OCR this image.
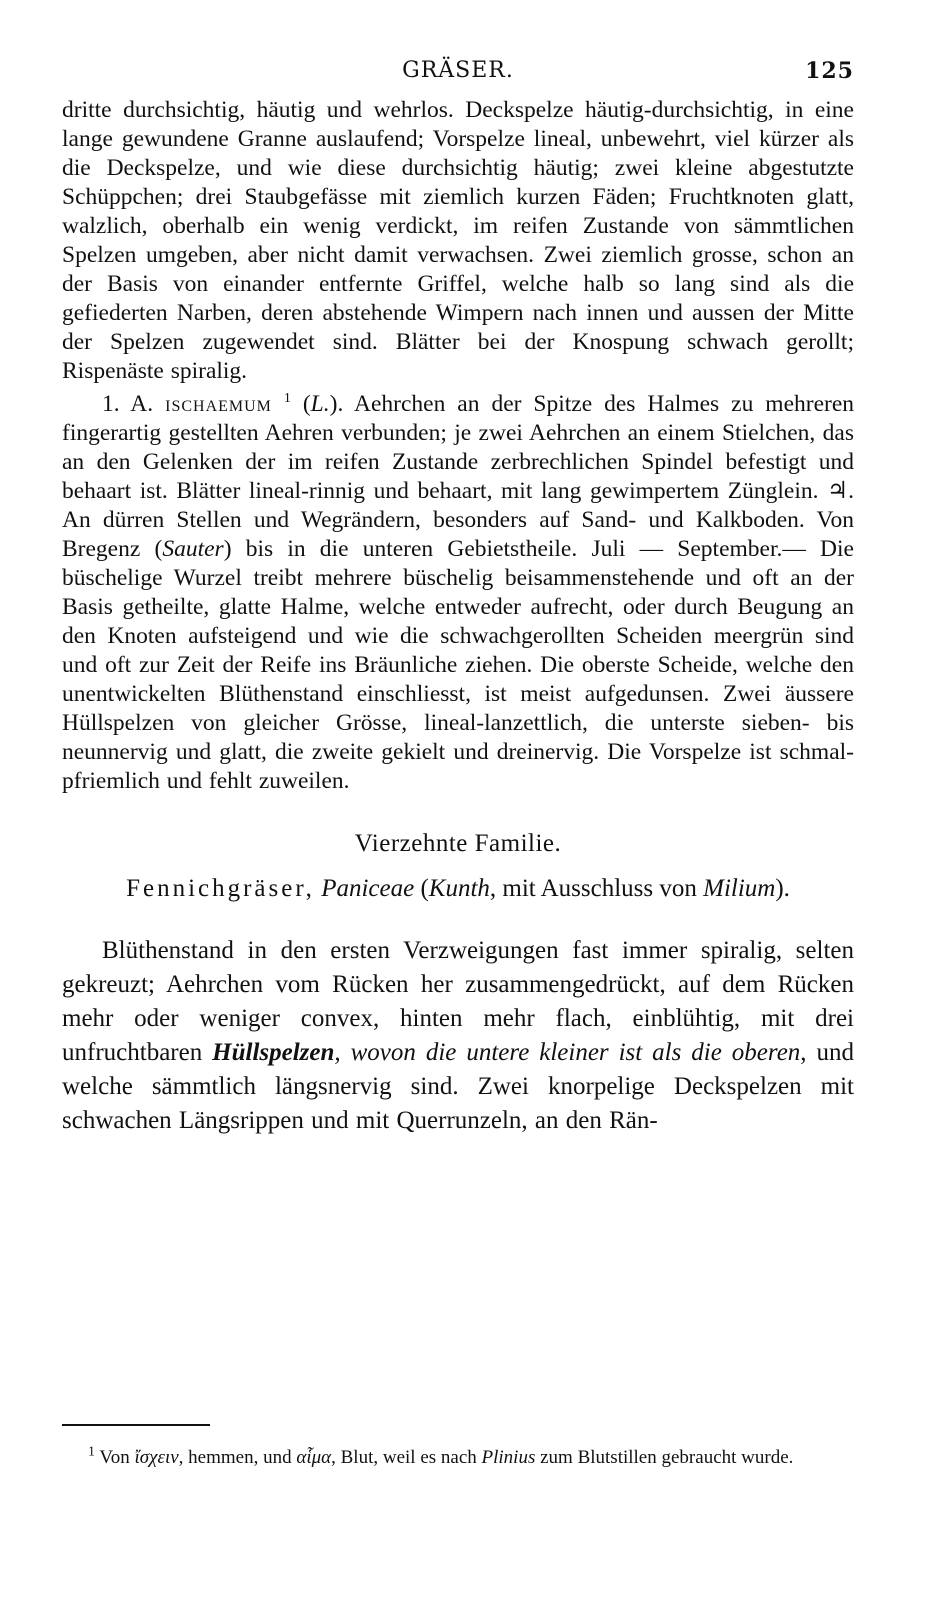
GRÄSER.	125

dritte durchsichtig, häutig und wehrlos. Deckspelze häutig-durchsichtig, in eine lange gewundene Granne auslaufend; Vorspelze lineal, unbewehrt, viel kürzer als die Deckspelze, und wie diese durchsichtig häutig; zwei kleine abgestutzte Schüppchen; drei Staubgefässe mit ziemlich kurzen Fäden; Fruchtknoten glatt, walzlich, oberhalb ein wenig verdickt, im reifen Zustande von sämmtlichen Spelzen umgeben, aber nicht damit verwachsen. Zwei ziemlich grosse, schon an der Basis von einander entfernte Griffel, welche halb so lang sind als die gefiederten Narben, deren abstehende Wimpern nach innen und aussen der Mitte der Spelzen zugewendet sind. Blätter bei der Knospung schwach gerollt; Rispenäste spiralig.

1. A. ischaemum $^1$ (L.). Aehrchen an der Spitze des Halmes zu mehreren fingerartig gestellten Aehren verbunden; je zwei Aehrchen an einem Stielchen, das an den Gelenken der im reifen Zustande zerbrechlichen Spindel befestigt und behaart ist. Blätter lineal-rinnig und behaart, mit lang gewimpertem Zünglein. ♃. An dürren Stellen und Wegrändern, besonders auf Sand- und Kalkboden. Von Bregenz (Sauter) bis in die unteren Gebietstheile. Juli — September.— Die büschelige Wurzel treibt mehrere büschelig beisammenstehende und oft an der Basis getheilte, glatte Halme, welche entweder aufrecht, oder durch Beugung an den Knoten aufsteigend und wie die schwachgerollten Scheiden meergrün sind und oft zur Zeit der Reife ins Bräunliche ziehen. Die oberste Scheide, welche den unentwickelten Blüthenstand einschliesst, ist meist aufgedunsen. Zwei äussere Hüllspelzen von gleicher Grösse, lineal-lanzettlich, die unterste sieben- bis neunnervig und glatt, die zweite gekielt und dreinervig. Die Vorspelze ist schmal-pfriemlich und fehlt zuweilen.

Vierzehnte Familie.
Fennichgräser, Paniceae (Kunth, mit Ausschluss von Milium).

Blüthenstand in den ersten Verzweigungen fast immer spiralig, selten gekreuzt; Aehrchen vom Rücken her zusammengedrückt, auf dem Rücken mehr oder weniger convex, hinten mehr flach, einblühtig, mit drei unfruchtbaren Hüllspelzen, wovon die untere kleiner ist als die oberen, und welche sämmtlich längsnervig sind. Zwei knorpelige Deckspelzen mit schwachen Längsrippen und mit Querrunzeln, an den Rän-

$^1$ Von ἴσχειν, hemmen, und αἷμα, Blut, weil es nach Plinius zum Blutstillen gebraucht wurde.
